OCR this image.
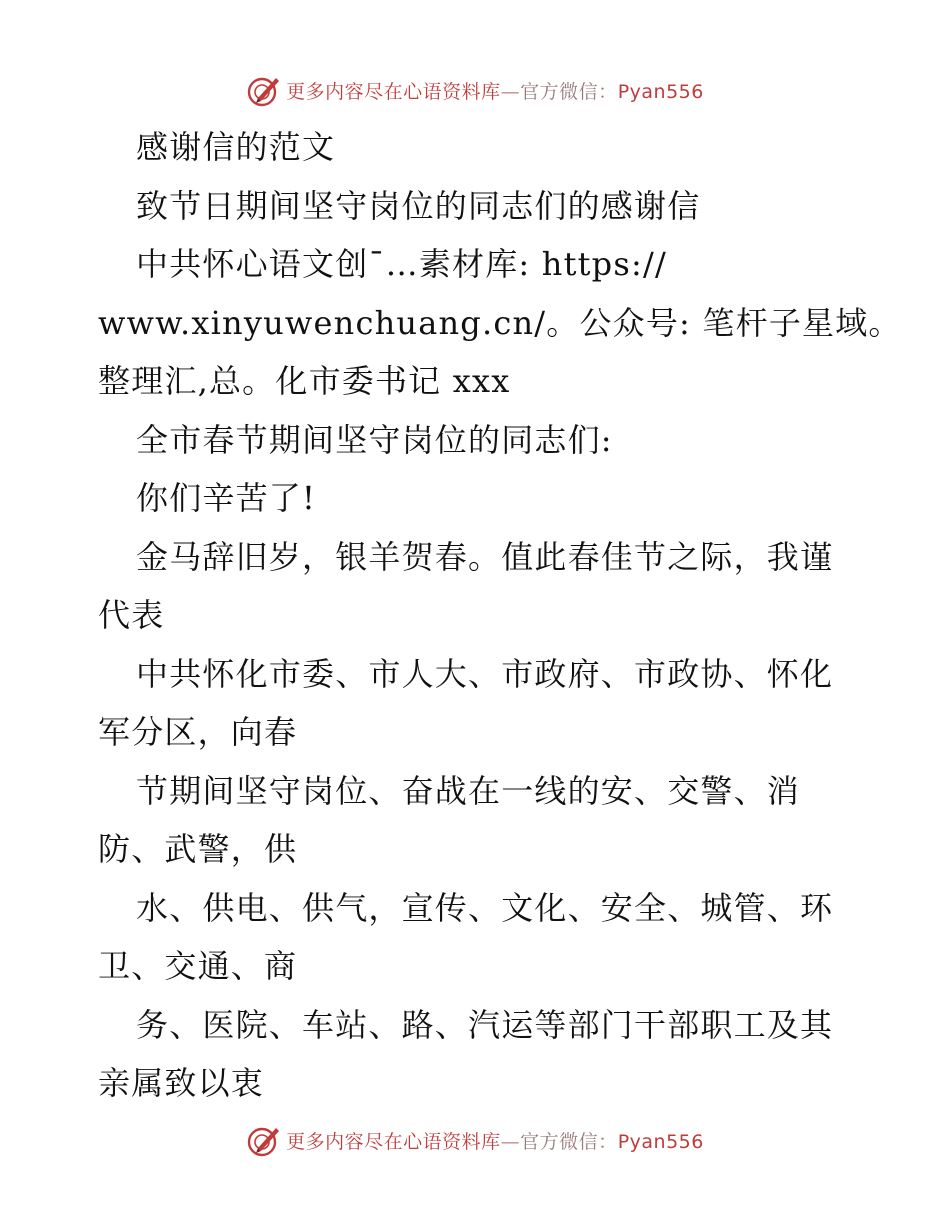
更多内容尽在心语资料库—官方微信：Pyan556
感谢信的范文
致节日期间坚守岗位的同志们的感谢信
中共怀心语文创¯…素材库: https://
www.xinyuwenchuang.cn/。公众号: 笔杆子星域。
整理汇,总。化市委书记 xxx
全市春节期间坚守岗位的同志们:
你们辛苦了!
金马辞旧岁，银羊贺春。值此春佳节之际，我谨
代表
中共怀化市委、市人大、市政府、市政协、怀化
军分区，向春
节期间坚守岗位、奋战在一线的安、交警、消
防、武警，供
水、供电、供气，宣传、文化、安全、城管、环
卫、交通、商
务、医院、车站、路、汽运等部门干部职工及其
亲属致以衷
更多内容尽在心语资料库—官方微信：Pyan556
